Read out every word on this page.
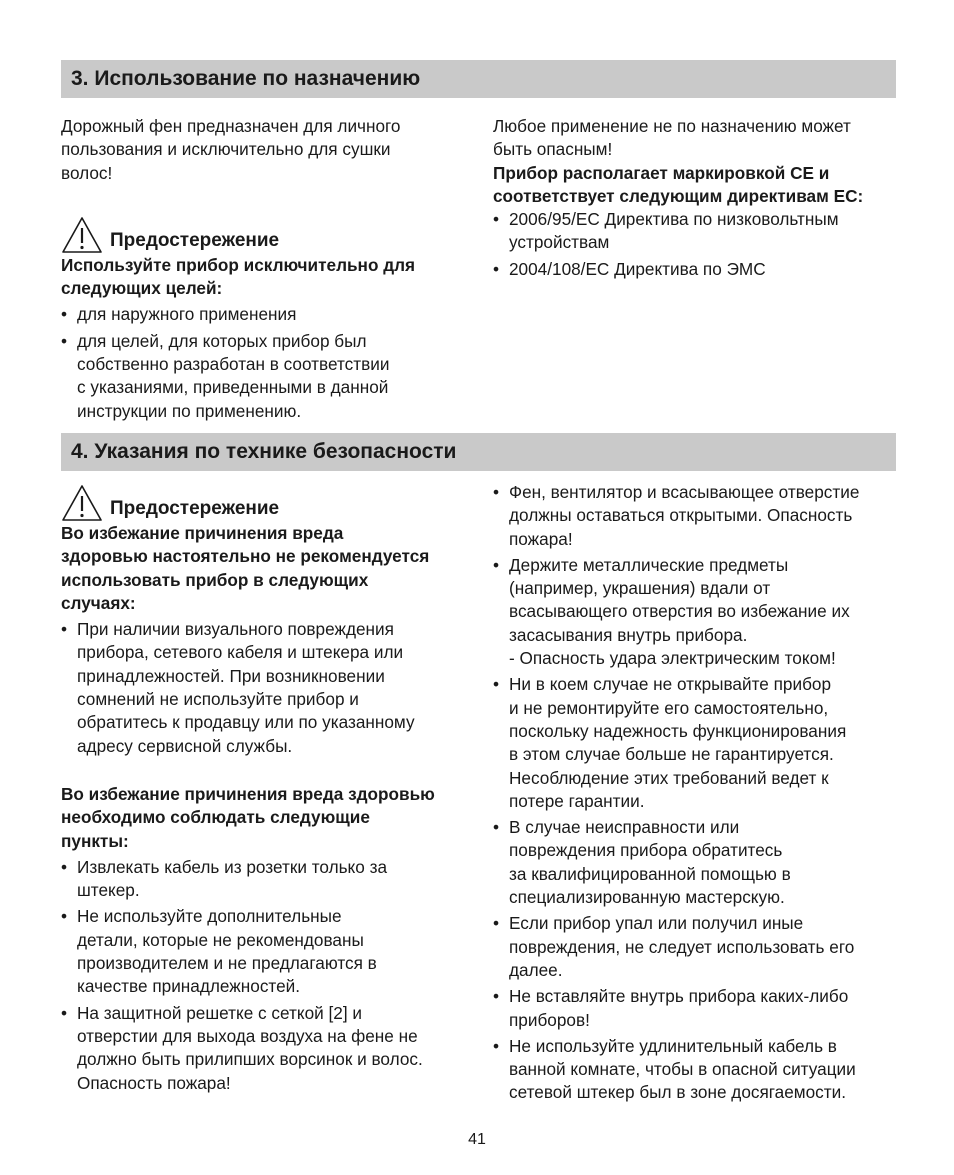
3. Использование по назначению

Дорожный фен предназначен для личного
пользования и исключительно для сушки
волос!

Предостережение

Используйте прибор исключительно для
следующих целей:

• для наружного применения
• для целей, для которых прибор был
собственно разработан в соответствии
с указаниями, приведенными в данной
инструкции по применению.

Любое применение не по назначению может
быть опасным!

Прибор располагает маркировкой CE и
соответствует следующим директивам ЕС:

• 2006/95/EC Директива по низковольтным
устройствам
• 2004/108/EC Директива по ЭМС
4. Указания по технике безопасности
Предостережение

Во избежание причинения вреда
здоровью настоятельно не рекомендуется
использовать прибор в следующих
случаях:

• При наличии визуального повреждения
прибора, сетевого кабеля и штекера или
принадлежностей. При возникновении
сомнений не используйте прибор и
обратитесь к продавцу или по указанному
адресу сервисной службы.

Во избежание причинения вреда здоровью
необходимо соблюдать следующие
пункты:

• Извлекать кабель из розетки только за
штекер.
• Не используйте дополнительные
детали, которые не рекомендованы
производителем и не предлагаются в
качестве принадлежностей.
• На защитной решетке с сеткой [2] и
отверстии для выхода воздуха на фене не
должно быть прилипших ворсинок и волос.
Опасность пожара!
• Фен, вентилятор и всасывающее отверстие
должны оставаться открытыми. Опасность
пожара!
• Держите металлические предметы
(например, украшения) вдали от
всасывающего отверстия во избежание их
засасывания внутрь прибора.
- Опасность удара электрическим током!
• Ни в коем случае не открывайте прибор
и не ремонтируйте его самостоятельно,
поскольку надежность функционирования
в этом случае больше не гарантируется.
Несоблюдение этих требований ведет к
потере гарантии.
• В случае неисправности или
повреждения прибора обратитесь
за квалифицированной помощью в
специализированную мастерскую.
• Если прибор упал или получил иные
повреждения, не следует использовать его
далее.
• Не вставляйте внутрь прибора каких-либо
приборов!
• Не используйте удлинительный кабель в
ванной комнате, чтобы в опасной ситуации
сетевой штекер был в зоне досягаемости.
41
